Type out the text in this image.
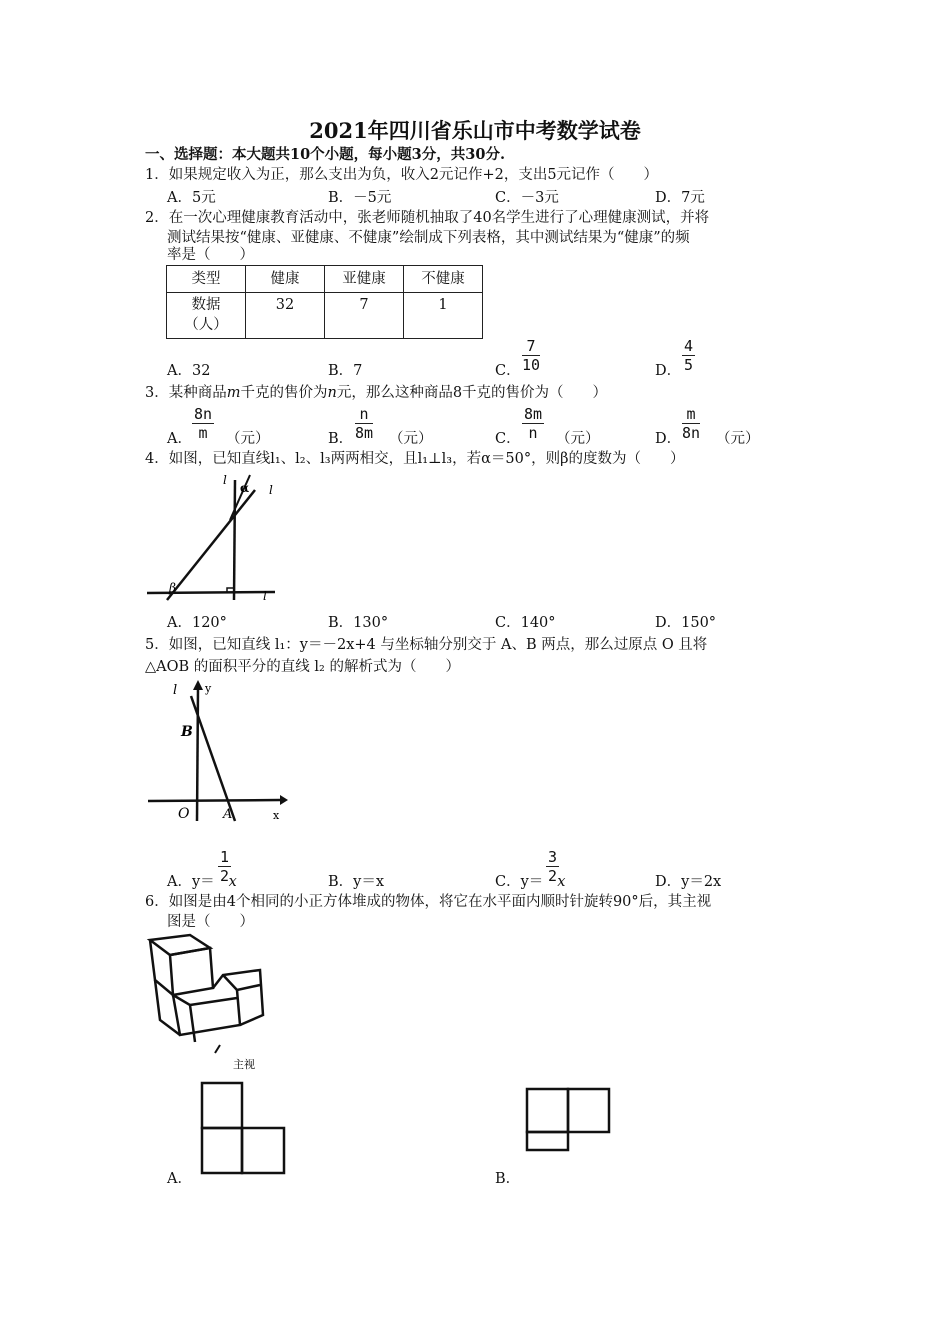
2021年四川省乐山市中考数学试卷
一、选择题：本大题共10个小题，每小题3分，共30分.
1．如果规定收入为正，那么支出为负，收入2元记作+2，支出5元记作（　　）
A．5元	B．－5元	C．－3元	D．7元
2．在一次心理健康教育活动中，张老师随机抽取了40名学生进行了心理健康测试，并将
测试结果按“健康、亚健康、不健康”绘制成下列表格，其中测试结果为“健康”的频
率是（　　）
类型	健康	亚健康	不健康
数据
（人）	32	7	1
A．32	B．7	C． $\frac{7}{10}$	D． $\frac{4}{5}$
3．某种商品m千克的售价为n元，那么这种商品8千克的售价为（　　）
A． $\frac{8n}{m}$ （元）	B． $\frac{n}{8m}$ （元）	C． $\frac{8m}{n}$ （元）	D． $\frac{m}{8n}$ （元）
4．如图，已知直线l₁、l₂、l₃两两相交，且l₁⊥l₃，若α＝50°，则β的度数为（　　）
l
l
l
α
β
A．120°	B．130°	C．140°	D．150°
5．如图，已知直线 l₁：y＝－2x+4 与坐标轴分别交于 A、B 两点，那么过原点 O 且将
△AOB 的面积平分的直线 l₂ 的解析式为（　　）
l	y
B
O	A	x
A．y＝ x
$\frac{1}{2}$	B．y＝x	C．y＝ x
$\frac{3}{2}$	D．y＝2x
6．如图是由4个相同的小正方体堆成的物体，将它在水平面内顺时针旋转90°后，其主视
图是（　　）
主视
A．	B．
